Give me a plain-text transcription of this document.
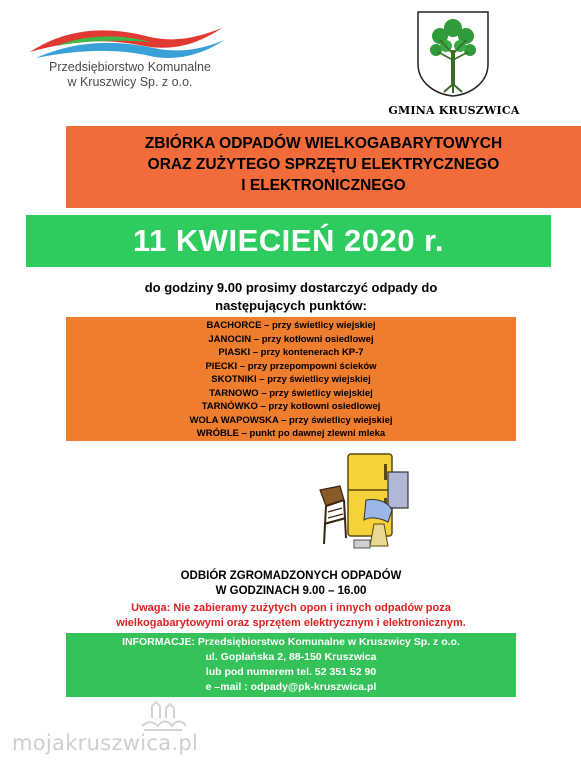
Przedsiębiorstwo Komunalne
w Kruszwicy Sp. z o.o.
GMINA KRUSZWICA
ZBIÓRKA ODPADÓW WIELKOGABARYTOWYCH
ORAZ ZUŻYTEGO SPRZĘTU ELEKTRYCZNEGO
I ELEKTRONICZNEGO
11 KWIECIEŃ 2020 r.
do godziny 9.00 prosimy dostarczyć odpady do
następujących punktów:
BACHORCE – przy świetlicy wiejskiej
JANOCIN – przy kotłowni osiedlowej
PIASKI – przy kontenerach KP-7
PIECKI – przy przepompowni ścieków
SKOTNIKI – przy świetlicy wiejskiej
TARNOWO – przy świetlicy wiejskiej
TARNÓWKO – przy kotłowni osiedlowej
WOLA WAPOWSKA – przy świetlicy wiejskiej
WRÓBLE – punkt po dawnej zlewni mleka
ODBIÓR ZGROMADZONYCH ODPADÓW
W GODZINACH 9.00 – 16.00
Uwaga: Nie zabieramy zużytych opon i innych odpadów poza
wielkogabarytowymi oraz sprzętem elektrycznym i elektronicznym.
INFORMACJE: Przedsiębiorstwo Komunalne w Kruszwicy Sp. z o.o.
ul. Goplańska 2, 88-150 Kruszwica
lub pod numerem tel. 52 351 52 90
e –mail : odpady@pk-kruszwica.pl
mojakruszwica.pl
